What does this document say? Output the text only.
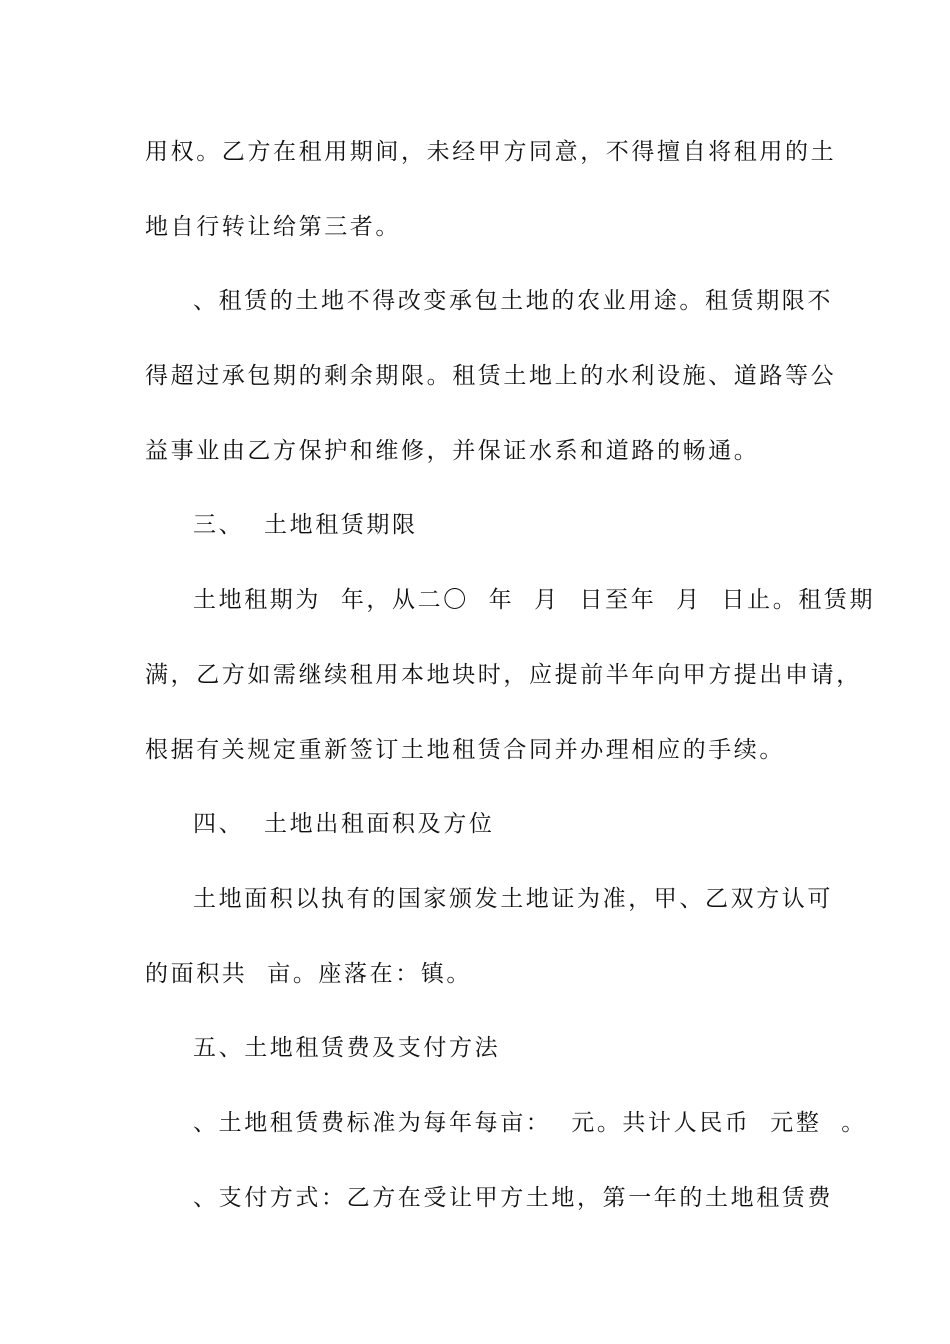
用权。乙方在租用期间，未经甲方同意，不得擅自将租用的土
地自行转让给第三者。
、租赁的土地不得改变承包土地的农业用途。租赁期限不
得超过承包期的剩余期限。租赁土地上的水利设施、道路等公
益事业由乙方保护和维修，并保证水系和道路的畅通。
三、  土地租赁期限
土地租期为  年，从二〇  年  月  日至年  月  日止。租赁期
满，乙方如需继续租用本地块时，应提前半年向甲方提出申请，
根据有关规定重新签订土地租赁合同并办理相应的手续。
四、  土地出租面积及方位
土地面积以执有的国家颁发土地证为准，甲、乙双方认可
的面积共  亩。座落在：镇。
五、土地租赁费及支付方法
、土地租赁费标准为每年每亩：  元。共计人民币  元整  。
、支付方式：乙方在受让甲方土地，第一年的土地租赁费
